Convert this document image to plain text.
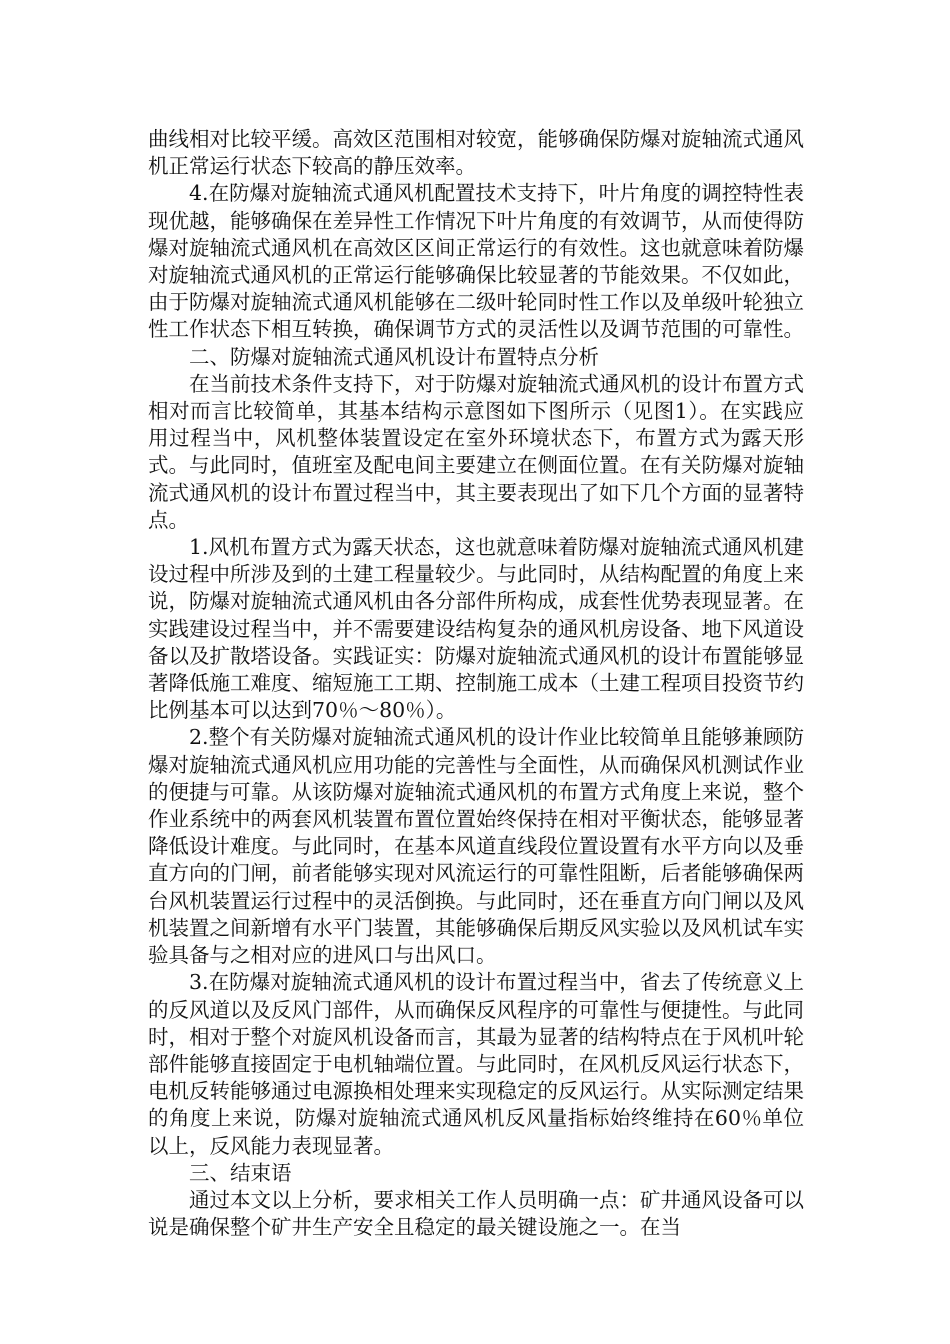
曲线相对比较平缓。高效区范围相对较宽，能够确保防爆对旋轴流式通风机正常运行状态下较高的静压效率。

4.在防爆对旋轴流式通风机配置技术支持下，叶片角度的调控特性表现优越，能够确保在差异性工作情况下叶片角度的有效调节，从而使得防爆对旋轴流式通风机在高效区区间正常运行的有效性。这也就意味着防爆对旋轴流式通风机的正常运行能够确保比较显著的节能效果。不仅如此，由于防爆对旋轴流式通风机能够在二级叶轮同时性工作以及单级叶轮独立性工作状态下相互转换，确保调节方式的灵活性以及调节范围的可靠性。

二、防爆对旋轴流式通风机设计布置特点分析

在当前技术条件支持下，对于防爆对旋轴流式通风机的设计布置方式相对而言比较简单，其基本结构示意图如下图所示（见图1）。在实践应用过程当中，风机整体装置设定在室外环境状态下，布置方式为露天形式。与此同时，值班室及配电间主要建立在侧面位置。在有关防爆对旋轴流式通风机的设计布置过程当中，其主要表现出了如下几个方面的显著特点。

1.风机布置方式为露天状态，这也就意味着防爆对旋轴流式通风机建设过程中所涉及到的土建工程量较少。与此同时，从结构配置的角度上来说，防爆对旋轴流式通风机由各分部件所构成，成套性优势表现显著。在实践建设过程当中，并不需要建设结构复杂的通风机房设备、地下风道设备以及扩散塔设备。实践证实：防爆对旋轴流式通风机的设计布置能够显著降低施工难度、缩短施工工期、控制施工成本（土建工程项目投资节约比例基本可以达到70％～80％）。

2.整个有关防爆对旋轴流式通风机的设计作业比较简单且能够兼顾防爆对旋轴流式通风机应用功能的完善性与全面性，从而确保风机测试作业的便捷与可靠。从该防爆对旋轴流式通风机的布置方式角度上来说，整个作业系统中的两套风机装置布置位置始终保持在相对平衡状态，能够显著降低设计难度。与此同时，在基本风道直线段位置设置有水平方向以及垂直方向的门闸，前者能够实现对风流运行的可靠性阻断，后者能够确保两台风机装置运行过程中的灵活倒换。与此同时，还在垂直方向门闸以及风机装置之间新增有水平门装置，其能够确保后期反风实验以及风机试车实验具备与之相对应的进风口与出风口。

3.在防爆对旋轴流式通风机的设计布置过程当中，省去了传统意义上的反风道以及反风门部件，从而确保反风程序的可靠性与便捷性。与此同时，相对于整个对旋风机设备而言，其最为显著的结构特点在于风机叶轮部件能够直接固定于电机轴端位置。与此同时，在风机反风运行状态下，电机反转能够通过电源换相处理来实现稳定的反风运行。从实际测定结果的角度上来说，防爆对旋轴流式通风机反风量指标始终维持在60％单位以上，反风能力表现显著。

三、结束语

通过本文以上分析，要求相关工作人员明确一点：矿井通风设备可以说是确保整个矿井生产安全且稳定的最关键设施之一。在当
